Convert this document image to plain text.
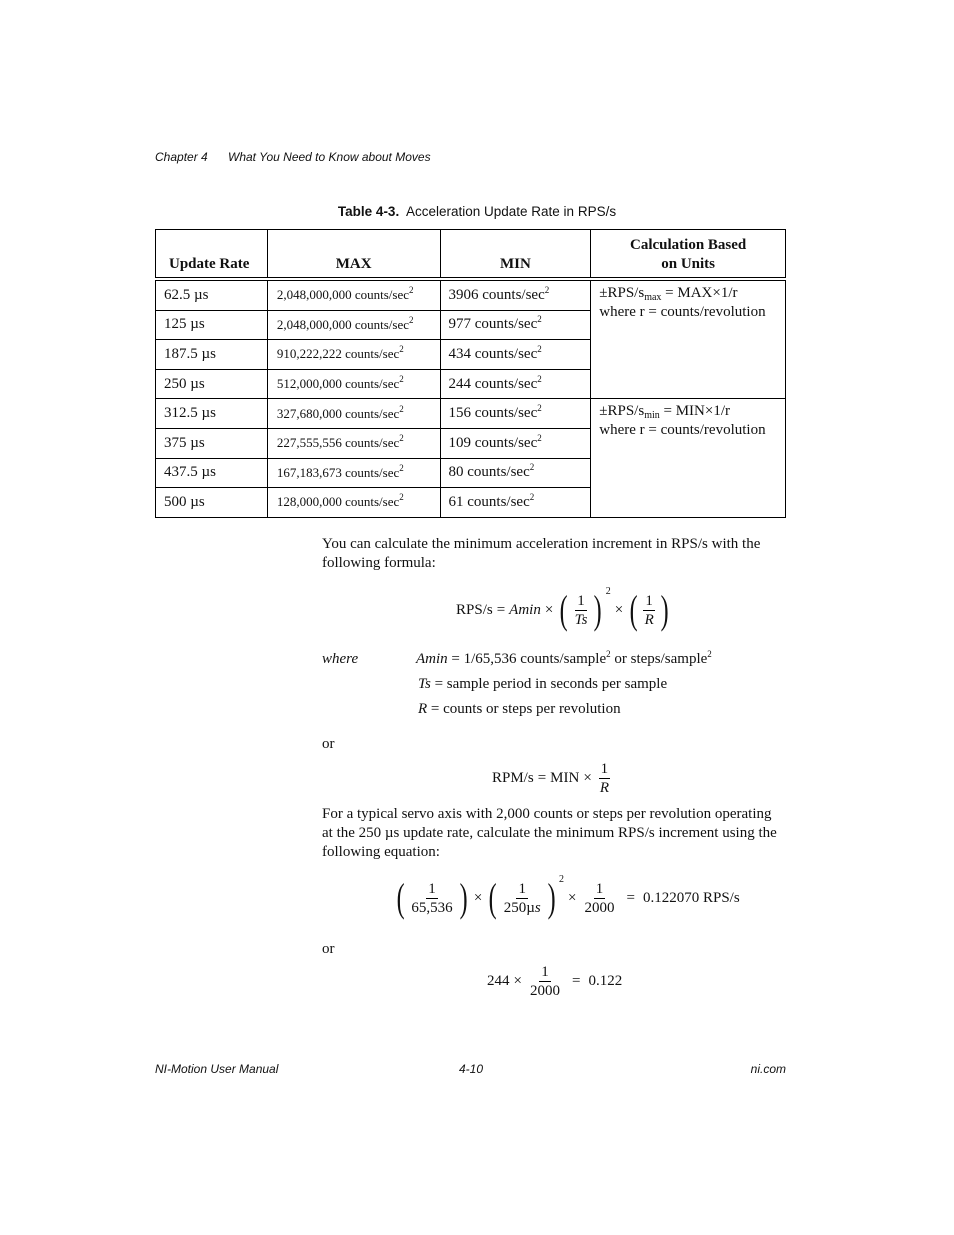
Chapter 4 What You Need to Know about Moves
Table 4-3. Acceleration Update Rate in RPS/s
Update Rate	MAX	MIN	Calculation Based
on Units
62.5 µs	2,048,000,000 counts/$\sec^2$	3906 counts/$\sec^2$	$\pm RPS/s_{max} = MAX\times 1/r$
where r = counts/revolution
125 µs	2,048,000,000 counts/$\sec^2$	977 counts/$\sec^2$
187.5 µs	910,222,222 counts/$\sec^2$	434 counts/$\sec^2$
250 µs	512,000,000 counts/$\sec^2$	244 counts/$\sec^2$
312.5 µs	327,680,000 counts/$\sec^2$	156 counts/$\sec^2$	$\pm RPS/s_{min} = MIN\times 1/r$
where r = counts/revolution
375 µs	227,555,556 counts/$\sec^2$	109 counts/$\sec^2$
437.5 µs	167,183,673 counts/$\sec^2$	80 counts/$\sec^2$
500 µs	128,000,000 counts/$\sec^2$	61 counts/$\sec^2$
You can calculate the minimum acceleration increment in RPS/s with the following formula:
RPS/s = Amin × ( $\frac{1}{Ts}$ ) 2
× ( $\frac{1}{R}$ )
where	Amin = 1/65,536 counts/sample$^2$ or steps/sample$^2$
Ts = sample period in seconds per sample
R = counts or steps per revolution
or
RPM/s = MIN × $\frac{1}{R}$
For a typical servo axis with 2,000 counts or steps per revolution operating at the 250 µs update rate, calculate the minimum RPS/s increment using the following equation:
( $\frac{1}{65,536}$ ) × ( $\frac{1}{\text{250µs}}$ ) 2
× $\frac{1}{2000} = 0.122070$ RPS/s
or
$244 \times \frac{1}{2000} = 0.122$
NI-Motion User Manual	4-10	ni.com
